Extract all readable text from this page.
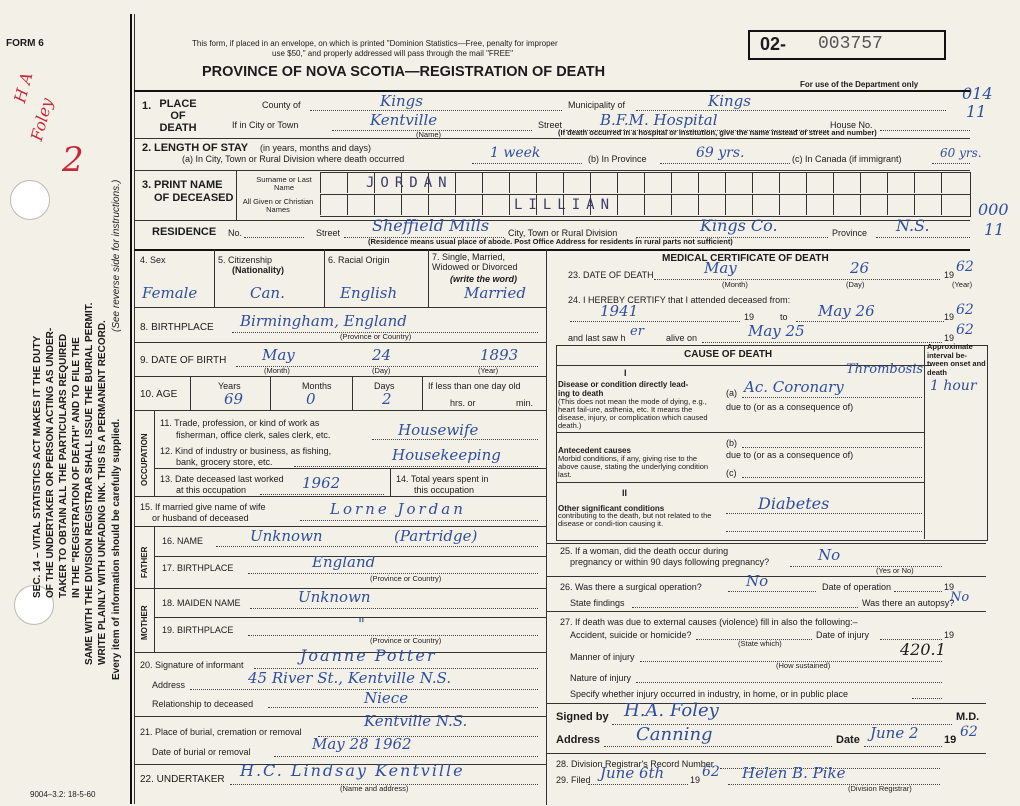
FORM 6
H A
Foley
2
SEC. 14 – VITAL STATISTICS ACT MAKES IT THE DUTY OF THE UNDERTAKER OR PERSON ACTING AS UNDER- TAKER TO OBTAIN ALL THE PARTICULARS REQUIRED IN THE "REGISTRATION OF DEATH" AND TO FILE THE SAME WITH THE DIVISION REGISTRAR SHALL ISSUE THE BURIAL PERMIT. WRITE PLAINLY WITH UNFADING INK. THIS IS A PERMANENT RECORD. Every item of information should be carefully supplied.
(See reverse side for instructions.)
This form, if placed in an envelope, on which is printed "Dominion Statistics—Free, penalty for improper
use $50," and properly addressed will pass through the mail "FREE"
PROVINCE OF NOVA SCOTIA—REGISTRATION OF DEATH
02- 003757
For use of the Department only	014
11
000
11
1. PLACE OF DEATH
County of	Kings	Municipality of	Kings
If in City or Town	Kentville
(Name)
Street	B.F.M. Hospital	House No.
(If death occurred in a hospital or institution, give the name instead of street and number)
2. LENGTH OF STAY (in years, months and days)
(a) In City, Town or Rural Division where death occurred	1 week	(b) In Province	69 yrs.	(c) In Canada (if immigrant)	60 yrs.
3. PRINT NAME
OF DECEASED
Surname or Last Name
All Given or Christian Names
JORDAN
LILLIAN
RESIDENCE No.	Street Sheffield Mills City, Town or Rural Division	Kings Co.	Province N.S.
(Residence means usual place of abode. Post Office Address for residents in rural parts not sufficient)
4. Sex	5. Citizenship
(Nationality)
6. Racial Origin	7. Single, Married, Widowed or Divorced
(write the word)
Female	Can.	English	Married
8. BIRTHPLACE Birmingham, England
(Province or Country)
9. DATE OF BIRTH May	24	1893
(Month)	(Day)	(Year)
10. AGE
Years	Months	Days	If less than one day old
69	0	2	hrs. or	min.
OCCUPATION
11. Trade, profession, or kind of work as
fisherman, office clerk, sales clerk, etc.	Housewife
12. Kind of industry or business, as fishing,
bank, grocery store, etc.	Housekeeping
13. Date deceased last worked
at this occupation	1962	14. Total years spent in
this occupation
15. If married give name of wife
or husband of deceased	Lorne Jordan
FATHER
16. NAME	Unknown	(Partridge)
17. BIRTHPLACE	England
(Province or Country)
MOTHER
18. MAIDEN NAME	Unknown
19. BIRTHPLACE	"
(Province or Country)
20. Signature of informant	Joanne Potter
Address	45 River St., Kentville N.S.
Relationship to deceased	Niece
21. Place of burial, cremation or removal
Kentville N.S.
Date of burial or removal	May 28 1962
22. UNDERTAKER H.C. Lindsay Kentville
(Name and address)
MEDICAL CERTIFICATE OF DEATH
23. DATE OF DEATH	May	26	19 62
(Month)	(Day)	(Year)
24. I HEREBY CERTIFY that I attended deceased from:
1941	19	to May 26	19 62
and last saw h er alive on	May 25	19 62
CAUSE OF DEATH
Approximate interval be-tween onset and death
I
Disease or condition directly lead-ing to death
(This does not mean the mode of dying, e.g., heart fail-ure, asthenia, etc. It means the disease, injury, or complication which caused death.)
(a) Ac. Coronary
Thrombosis
1 hour
due to (or as a consequence of)
Antecedent causes
Morbid conditions, if any, giving rise to the above cause, stating the underlying condition last.
(b)
due to (or as a consequence of)
(c)
II
Other significant conditions
contributing to the death, but not related to the disease or condi-tion causing it.
Diabetes
25. If a woman, did the death occur during
pregnancy or within 90 days following pregnancy?	No
(Yes or No)
26. Was there a surgical operation?	No	Date of operation	19
State findings	Was there an autopsy?
No
27. If death was due to external causes (violence) fill in also the following:–
Accident, suicide or homicide?
(State which)
Date of injury	19
Manner of injury	420.1
(How sustained)
Nature of injury
Specify whether injury occurred in industry, in home, or in public place
Signed by H.A. Foley	M.D.
Address Canning	Date June 2 19 62
28. Division Registrar's Record Number
29. Filed June 6th	19 62 Helen B. Pike
(Division Registrar)
9004–3.2: 18-5-60
